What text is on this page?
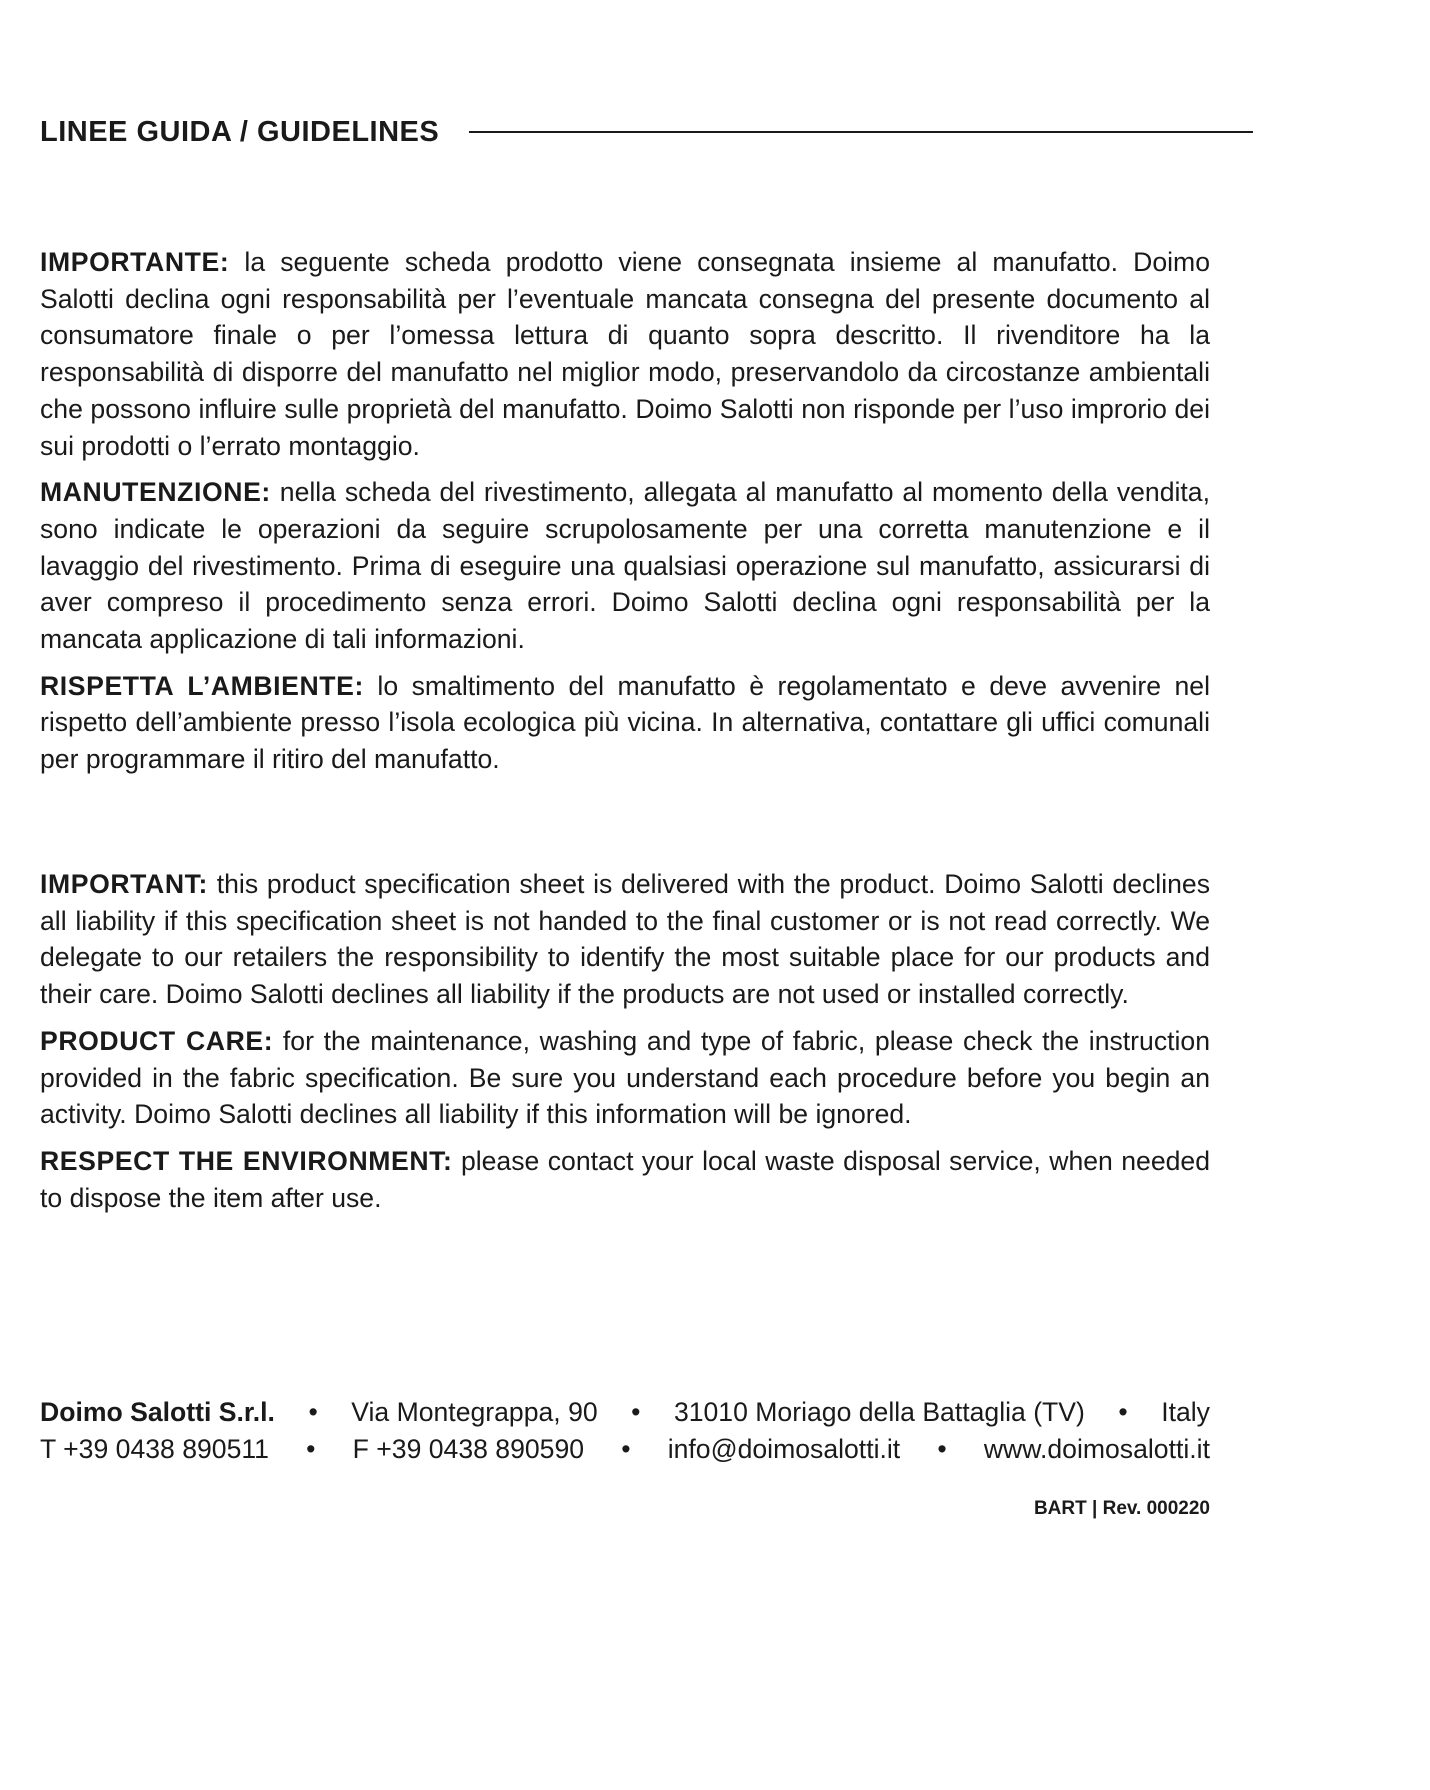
LINEE GUIDA / GUIDELINES

IMPORTANTE: la seguente scheda prodotto viene consegnata insieme al manufatto. Doimo Salotti declina ogni responsabilità per l’eventuale mancata consegna del presente documento al consumatore finale o per l’omessa lettura di quanto sopra descritto. Il rivenditore ha la responsabilità di disporre del manufatto nel miglior modo, preservandolo da circostanze ambientali che possono influire sulle proprietà del manufatto. Doimo Salotti non risponde per l’uso improrio dei sui prodotti o l’errato montaggio.

MANUTENZIONE: nella scheda del rivestimento, allegata al manufatto al momento della vendita, sono indicate le operazioni da seguire scrupolosamente per una corretta manutenzione e il lavaggio del rivestimento. Prima di eseguire una qualsiasi operazione sul manufatto, assicurarsi di aver compreso il procedimento senza errori. Doimo Salotti declina ogni responsabilità per la mancata applicazione di tali informazioni.

RISPETTA L’AMBIENTE: lo smaltimento del manufatto è regolamentato e deve avvenire nel rispetto dell’ambiente presso l’isola ecologica più vicina. In alternativa, contattare gli uffici comunali per programmare il ritiro del manufatto.

IMPORTANT: this product specification sheet is delivered with the product. Doimo Salotti declines all liability if this specification sheet is not handed to the final customer or is not read correctly. We delegate to our retailers the responsibility to identify the most suitable place for our products and their care. Doimo Salotti declines all liability if the products are not used or installed correctly.

PRODUCT CARE: for the maintenance, washing and type of fabric, please check the instruction provided in the fabric specification. Be sure you understand each procedure before you begin an activity. Doimo Salotti declines all liability if this information will be ignored.

RESPECT THE ENVIRONMENT: please contact your local waste disposal service, when needed to dispose the item after use.

Doimo Salotti S.r.l. • Via Montegrappa, 90 • 31010 Moriago della Battaglia (TV) • Italy
T +39 0438 890511 • F +39 0438 890590 • info@doimosalotti.it • www.doimosalotti.it
BART | Rev. 000220
